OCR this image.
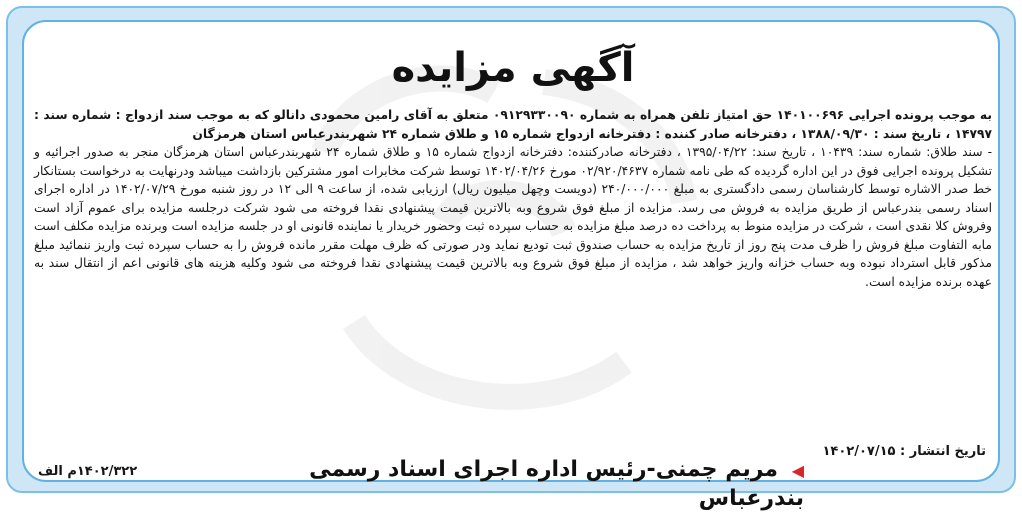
آگهی مزایده

به موجب پرونده اجرایی ۱۴۰۱۰۰۶۹۶ حق امتیاز تلفن همراه به شماره ۰۹۱۲۹۳۳۰۰۹۰ متعلق به آقای رامین محمودی دانالو که به موجب سند ازدواج : شماره سند : ۱۴۷۹۷ ، تاریخ سند : ۱۳۸۸/۰۹/۳۰ ، دفترخانه صادر کننده : دفترخانه ازدواج شماره ۱۵ و طلاق شماره ۲۴ شهربندرعباس استان هرمزگان

- سند طلاق: شماره سند: ۱۰۴۳۹ ، تاریخ سند: ۱۳۹۵/۰۴/۲۲ ، دفترخانه صادرکننده: دفترخانه ازدواج شماره ۱۵ و طلاق شماره ۲۴ شهربندرعباس استان هرمزگان منجر به صدور اجرائیه و تشکیل پرونده اجرایی فوق در این اداره گردیده که طی نامه شماره ۰۲/۹۲۰/۴۶۳۷ مورخ ۱۴۰۲/۰۴/۲۶ توسط شرکت مخابرات امور مشترکین بازداشت میباشد ودرنهایت به درخواست بستانکار خط صدر الاشاره توسط کارشناسان رسمی دادگستری به مبلغ ۲۴۰/۰۰۰/۰۰۰ (دویست وچهل میلیون ریال) ارزیابی شده، از ساعت ۹ الی ۱۲ در روز شنبه مورخ ۱۴۰۲/۰۷/۲۹ در اداره اجرای اسناد رسمی بندرعباس از طریق مزایده به فروش می رسد. مزایده از مبلغ فوق شروع وبه بالاترین قیمت پیشنهادی نقدا فروخته می شود شرکت درجلسه مزایده برای عموم آزاد است وفروش کلا نقدی است ، شرکت در مزایده منوط به پرداخت ده درصد مبلغ مزایده به حساب سپرده ثبت وحضور خریدار یا نماینده قانونی او در جلسه مزایده است وبرنده مزایده مکلف است مابه التفاوت مبلغ فروش را ظرف مدت پنج روز از تاریخ مزایده به حساب صندوق ثبت تودیع نماید ودر صورتی که ظرف مهلت مقرر مانده فروش را به حساب سپرده ثبت واریز ننمائید مبلغ مذکور قابل استرداد نبوده وبه حساب خزانه واریز خواهد شد ، مزایده از مبلغ فوق شروع وبه بالاترین قیمت پیشنهادی نقدا فروخته می شود وکلیه هزینه های قانونی اعم از انتقال سند به عهده برنده مزایده است.

تاریخ انتشار : ۱۴۰۲/۰۷/۱۵
◀ مریم چمنی-رئیس اداره اجرای اسناد رسمی بندرعباس
۱۴۰۲/۳۲۲م الف
